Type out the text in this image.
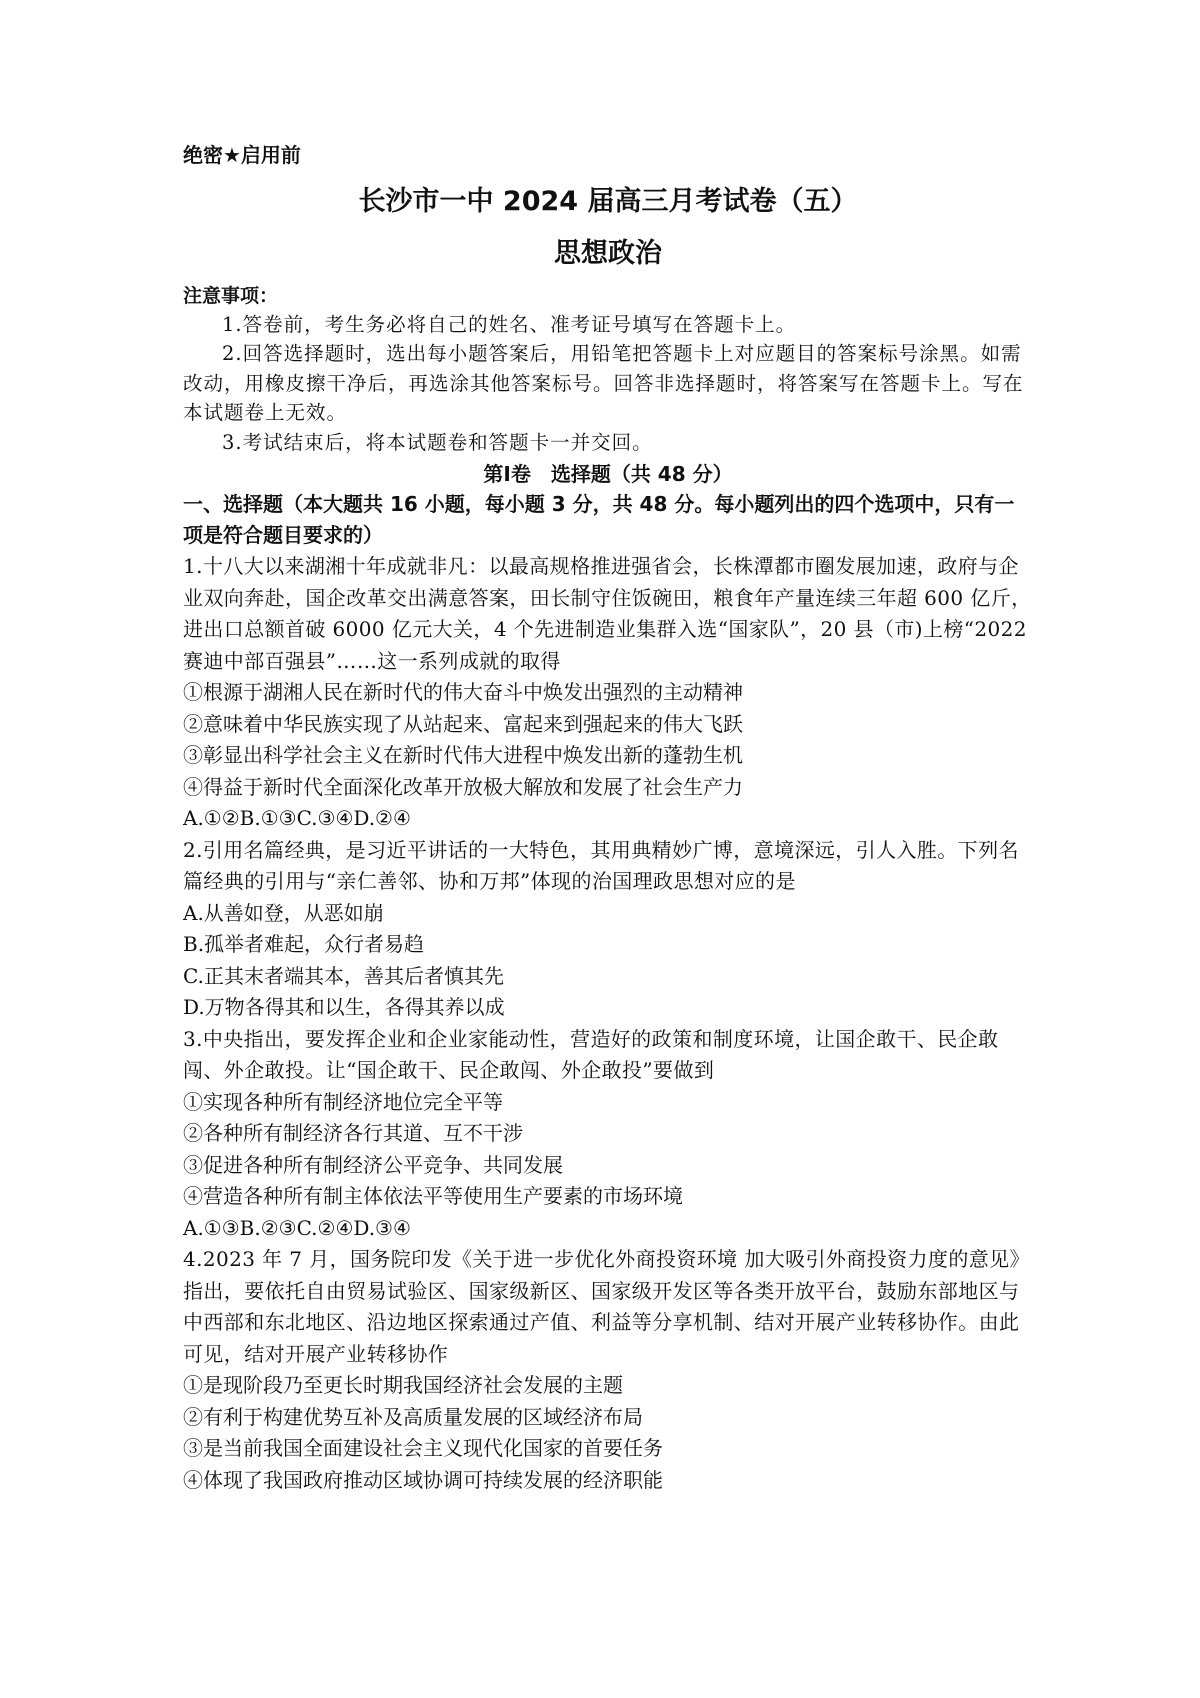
绝密★启用前
长沙市一中 2024 届高三月考试卷（五）
思想政治
注意事项：

1.答卷前，考生务必将自己的姓名、准考证号填写在答题卡上。

2.回答选择题时，选出每小题答案后，用铅笔把答题卡上对应题目的答案标号涂黑。如需改动，用橡皮擦干净后，再选涂其他答案标号。回答非选择题时，将答案写在答题卡上。写在本试题卷上无效。

3.考试结束后，将本试题卷和答题卡一并交回。

第Ⅰ卷　选择题（共 48 分）
一、选择题（本大题共 16 小题，每小题 3 分，共 48 分。每小题列出的四个选项中，只有一项是符合题目要求的）

1.十八大以来湖湘十年成就非凡：以最高规格推进强省会，长株潭都市圈发展加速，政府与企业双向奔赴，国企改革交出满意答案，田长制守住饭碗田，粮食年产量连续三年超 600 亿斤，进出口总额首破 6000 亿元大关，4 个先进制造业集群入选“国家队”，20 县（市)上榜“2022 赛迪中部百强县”……这一系列成就的取得

①根源于湖湘人民在新时代的伟大奋斗中焕发出强烈的主动精神

②意味着中华民族实现了从站起来、富起来到强起来的伟大飞跃

③彰显出科学社会主义在新时代伟大进程中焕发出新的蓬勃生机

④得益于新时代全面深化改革开放极大解放和发展了社会生产力

A.①②B.①③C.③④D.②④

2.引用名篇经典，是习近平讲话的一大特色，其用典精妙广博，意境深远，引人入胜。下列名篇经典的引用与“亲仁善邻、协和万邦”体现的治国理政思想对应的是

A.从善如登，从恶如崩

B.孤举者难起，众行者易趋

C.正其末者端其本，善其后者慎其先

D.万物各得其和以生，各得其养以成

3.中央指出，要发挥企业和企业家能动性，营造好的政策和制度环境，让国企敢干、民企敢闯、外企敢投。让“国企敢干、民企敢闯、外企敢投”要做到

①实现各种所有制经济地位完全平等

②各种所有制经济各行其道、互不干涉

③促进各种所有制经济公平竞争、共同发展

④营造各种所有制主体依法平等使用生产要素的市场环境

A.①③B.②③C.②④D.③④

4.2023 年 7 月，国务院印发《关于进一步优化外商投资环境 加大吸引外商投资力度的意见》指出，要依托自由贸易试验区、国家级新区、国家级开发区等各类开放平台，鼓励东部地区与中西部和东北地区、沿边地区探索通过产值、利益等分享机制、结对开展产业转移协作。由此可见，结对开展产业转移协作

①是现阶段乃至更长时期我国经济社会发展的主题

②有利于构建优势互补及高质量发展的区域经济布局

③是当前我国全面建设社会主义现代化国家的首要任务

④体现了我国政府推动区域协调可持续发展的经济职能
